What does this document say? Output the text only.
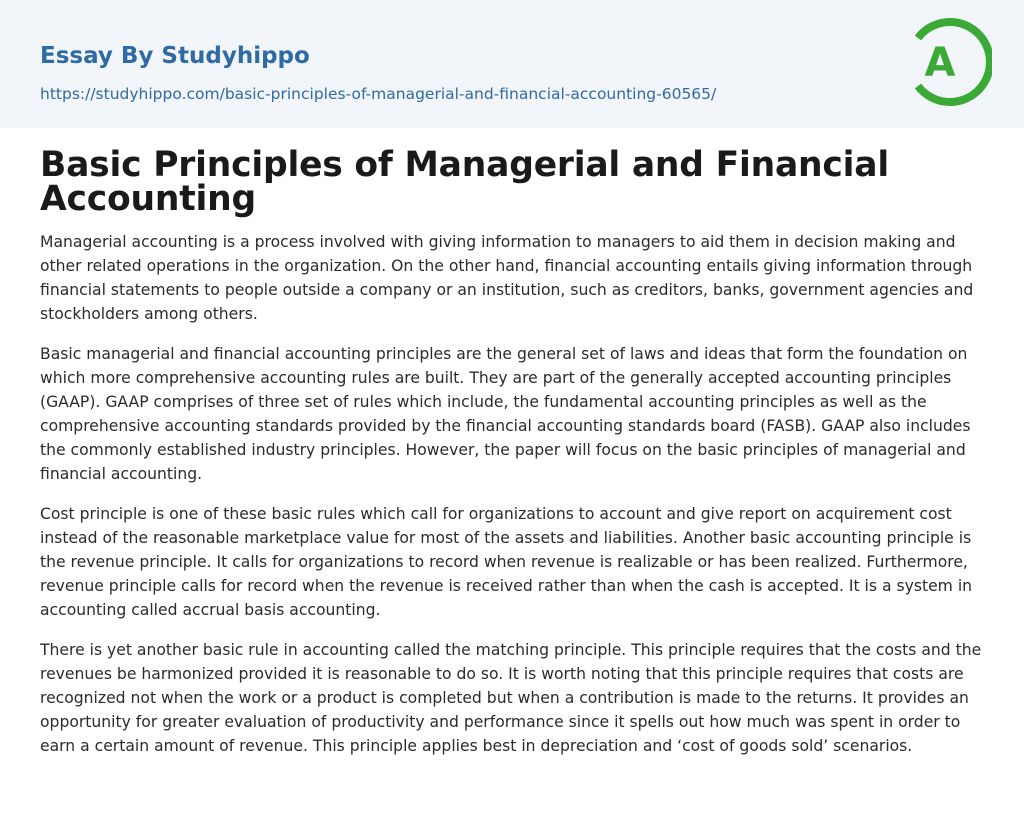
Essay By Studyhippo
https://studyhippo.com/basic-principles-of-managerial-and-financial-accounting-60565/
A
Basic Principles of Managerial and Financial Accounting

Managerial accounting is a process involved with giving information to managers to aid them in decision making and other related operations in the organization. On the other hand, financial accounting entails giving information through financial statements to people outside a company or an institution, such as creditors, banks, government agencies and stockholders among others.

Basic managerial and financial accounting principles are the general set of laws and ideas that form the foundation on which more comprehensive accounting rules are built. They are part of the generally accepted accounting principles (GAAP). GAAP comprises of three set of rules which include, the fundamental accounting principles as well as the comprehensive accounting standards provided by the financial accounting standards board (FASB). GAAP also includes the commonly established industry principles. However, the paper will focus on the basic principles of managerial and financial accounting.

Cost principle is one of these basic rules which call for organizations to account and give report on acquirement cost instead of the reasonable marketplace value for most of the assets and liabilities. Another basic accounting principle is the revenue principle. It calls for organizations to record when revenue is realizable or has been realized. Furthermore, revenue principle calls for record when the revenue is received rather than when the cash is accepted. It is a system in accounting called accrual basis accounting.

There is yet another basic rule in accounting called the matching principle. This principle requires that the costs and the revenues be harmonized provided it is reasonable to do so. It is worth noting that this principle requires that costs are recognized not when the work or a product is completed but when a contribution is made to the returns. It provides an opportunity for greater evaluation of productivity and performance since it spells out how much was spent in order to earn a certain amount of revenue. This principle applies best in depreciation and ‘cost of goods sold’ scenarios.
